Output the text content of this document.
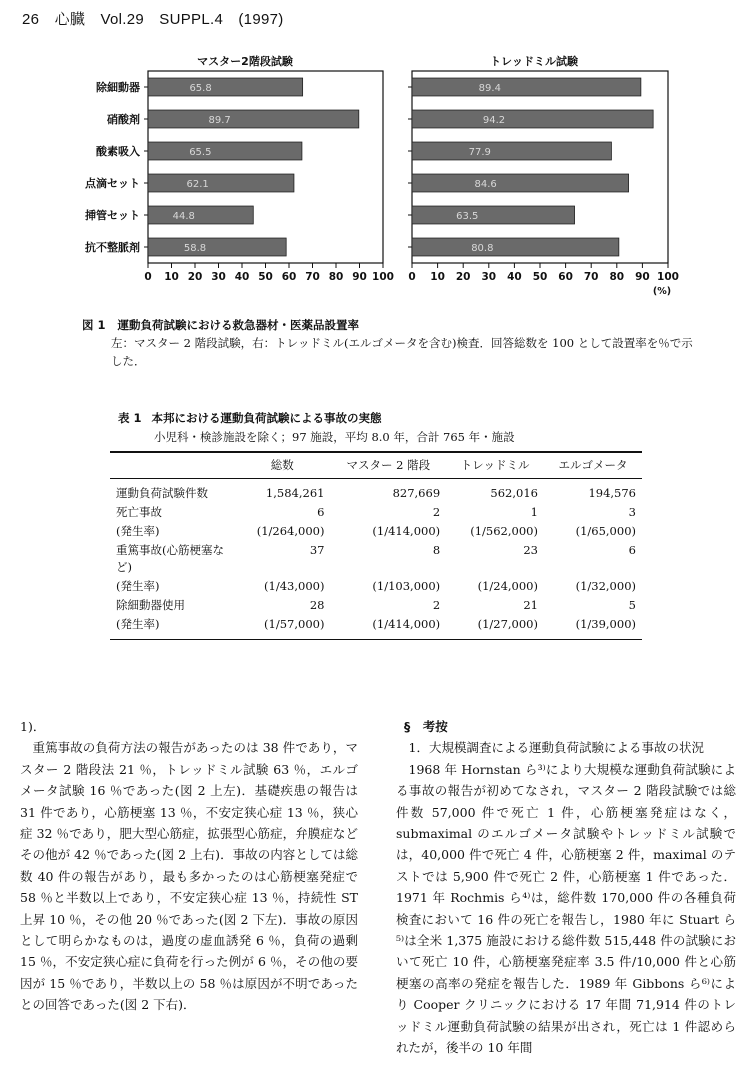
26　心臓　Vol.29　SUPPL.4　(1997)
マスター2階段試験	トレッドミル試験
除細動器	65.8
硝酸剤	89.7
酸素吸入	65.5
点滴セット	62.1
挿管セット	44.8
抗不整脈剤	58.8
0 10 20 30 40 50 60 70 80 90 100
89.4
94.2
77.9
84.6
63.5
80.8
0 10 20 30 40 50 60 70 80 90 100
(%)
図 1 運動負荷試験における救急器材・医薬品設置率
左：マスター 2 階段試験，右：トレッドミル(エルゴメータを含む)検査．回答総数を 100 として設置率を％で示した．
表 1 本邦における運動負荷試験による事故の実態
小児科・検診施設を除く；97 施設，平均 8.0 年，合計 765 年・施設
	総数	マスター 2 階段	トレッドミル	エルゴメータ
運動負荷試験件数	1,584,261	827,669	562,016	194,576
死亡事故	6	2	1	3
(発生率)	(1/264,000)	(1/414,000)	(1/562,000)	(1/65,000)
重篤事故(心筋梗塞など)	37	8	23	6
(発生率)	(1/43,000)	(1/103,000)	(1/24,000)	(1/32,000)
除細動器使用	28	2	21	5
(発生率)	(1/57,000)	(1/414,000)	(1/27,000)	(1/39,000)

1)．

重篤事故の負荷方法の報告があったのは 38 件であり，マスター 2 階段法 21 ％，トレッドミル試験 63 ％，エルゴメータ試験 16 ％であった(図 2 上左)．基礎疾患の報告は 31 件であり，心筋梗塞 13 ％，不安定狭心症 13 ％，狭心症 32 ％であり，肥大型心筋症，拡張型心筋症，弁膜症などその他が 42 ％であった(図 2 上右)．事故の内容としては総数 40 件の報告があり，最も多かったのは心筋梗塞発症で 58 ％と半数以上であり，不安定狭心症 13 ％，持続性 ST 上昇 10 ％，その他 20 ％であった(図 2 下左)．事故の原因として明らかなものは，過度の虚血誘発 6 ％，負荷の過剰 15 ％，不安定狭心症に負荷を行った例が 6 ％，その他の要因が 15 ％であり，半数以上の 58 ％は原因が不明であったとの回答であった(図 2 下右)．

§　考按

1．大規模調査による運動負荷試験による事故の状況

1968 年 Hornstan ら³⁾により大規模な運動負荷試験による事故の報告が初めてなされ，マスター 2 階段試験では総件数 57,000 件で死亡 1 件，心筋梗塞発症はなく，submaximal のエルゴメータ試験やトレッドミル試験では，40,000 件で死亡 4 件，心筋梗塞 2 件，maximal のテストでは 5,900 件で死亡 2 件，心筋梗塞 1 件であった．1971 年 Rochmis ら⁴⁾は，総件数 170,000 件の各種負荷検査において 16 件の死亡を報告し，1980 年に Stuart ら⁵⁾は全米 1,375 施設における総件数 515,448 件の試験において死亡 10 件，心筋梗塞発症率 3.5 件/10,000 件と心筋梗塞の高率の発症を報告した．1989 年 Gibbons ら⁶⁾により Cooper クリニックにおける 17 年間 71,914 件のトレッドミル運動負荷試験の結果が出され，死亡は 1 件認められたが，後半の 10 年間
